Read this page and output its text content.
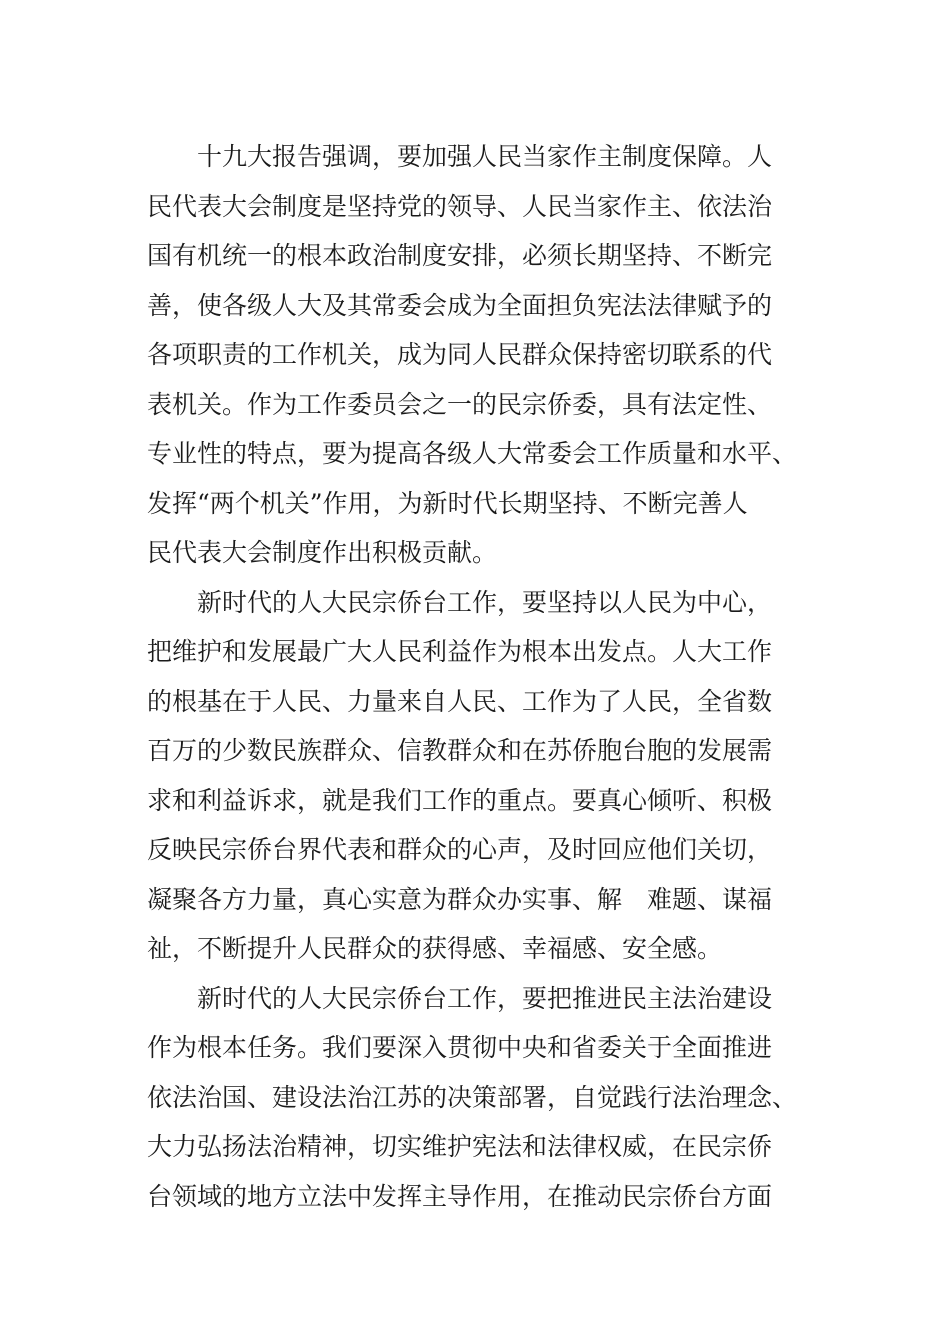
十九大报告强调，要加强人民当家作主制度保障。人
民代表大会制度是坚持党的领导、人民当家作主、依法治
国有机统一的根本政治制度安排，必须长期坚持、不断完
善，使各级人大及其常委会成为全面担负宪法法律赋予的
各项职责的工作机关，成为同人民群众保持密切联系的代
表机关。作为工作委员会之一的民宗侨委，具有法定性、
专业性的特点，要为提高各级人大常委会工作质量和水平、
发挥“两个机关”作用，为新时代长期坚持、不断完善人
民代表大会制度作出积极贡献。
新时代的人大民宗侨台工作，要坚持以人民为中心，
把维护和发展最广大人民利益作为根本出发点。人大工作
的根基在于人民、力量来自人民、工作为了人民，全省数
百万的少数民族群众、信教群众和在苏侨胞台胞的发展需
求和利益诉求，就是我们工作的重点。要真心倾听、积极
反映民宗侨台界代表和群众的心声，及时回应他们关切，
凝聚各方力量，真心实意为群众办实事、解　难题、谋福
祉，不断提升人民群众的获得感、幸福感、安全感。
新时代的人大民宗侨台工作，要把推进民主法治建设
作为根本任务。我们要深入贯彻中央和省委关于全面推进
依法治国、建设法治江苏的决策部署，自觉践行法治理念、
大力弘扬法治精神，切实维护宪法和法律权威，在民宗侨
台领域的地方立法中发挥主导作用，在推动民宗侨台方面
